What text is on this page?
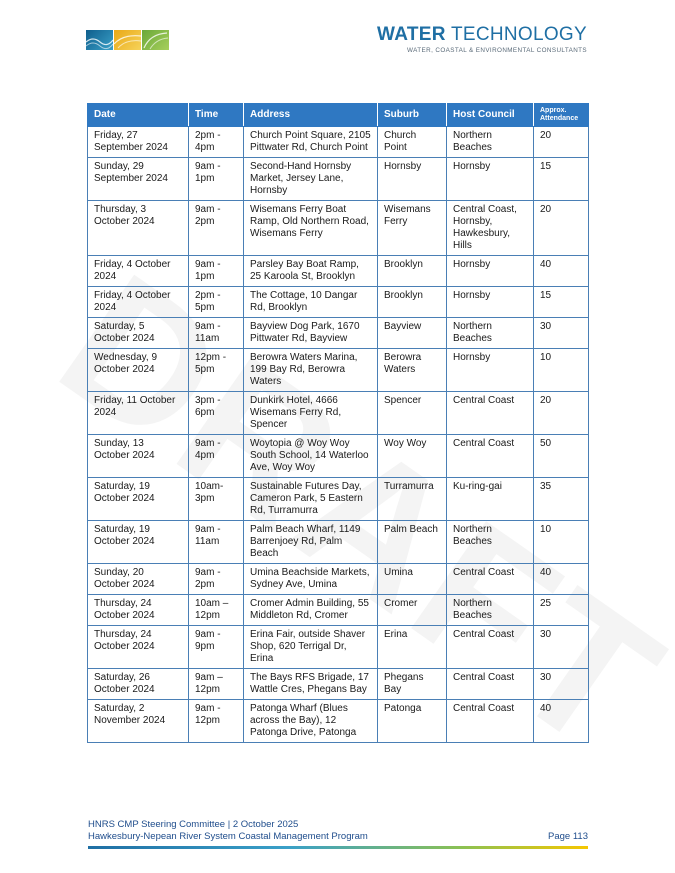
WATER TECHNOLOGY
WATER, COASTAL & ENVIRONMENTAL CONSULTANTS
Date	Time	Address	Suburb	Host Council	Approx. Attendance
Friday, 27 September 2024	2pm - 4pm	Church Point Square, 2105 Pittwater Rd, Church Point	Church Point	Northern Beaches	20
Sunday, 29 September 2024	9am - 1pm	Second-Hand Hornsby Market, Jersey Lane, Hornsby	Hornsby	Hornsby	15
Thursday, 3 October 2024	9am - 2pm	Wisemans Ferry Boat Ramp, Old Northern Road, Wisemans Ferry	Wisemans Ferry	Central Coast, Hornsby, Hawkesbury, Hills	20
Friday, 4 October 2024	9am - 1pm	Parsley Bay Boat Ramp, 25 Karoola St, Brooklyn	Brooklyn	Hornsby	40
Friday, 4 October 2024	2pm - 5pm	The Cottage, 10 Dangar Rd, Brooklyn	Brooklyn	Hornsby	15
Saturday, 5 October 2024	9am - 11am	Bayview Dog Park, 1670 Pittwater Rd, Bayview	Bayview	Northern Beaches	30
Wednesday, 9 October 2024	12pm - 5pm	Berowra Waters Marina, 199 Bay Rd, Berowra Waters	Berowra Waters	Hornsby	10
Friday, 11 October 2024	3pm - 6pm	Dunkirk Hotel, 4666 Wisemans Ferry Rd, Spencer	Spencer	Central Coast	20
Sunday, 13 October 2024	9am - 4pm	Woytopia @ Woy Woy South School, 14 Waterloo Ave, Woy Woy	Woy Woy	Central Coast	50
Saturday, 19 October 2024	10am- 3pm	Sustainable Futures Day, Cameron Park, 5 Eastern Rd, Turramurra	Turramurra	Ku-ring-gai	35
Saturday, 19 October 2024	9am - 11am	Palm Beach Wharf, 1149 Barrenjoey Rd, Palm Beach	Palm Beach	Northern Beaches	10
Sunday, 20 October 2024	9am - 2pm	Umina Beachside Markets, Sydney Ave, Umina	Umina	Central Coast	40
Thursday, 24 October 2024	10am – 12pm	Cromer Admin Building, 55 Middleton Rd, Cromer	Cromer	Northern Beaches	25
Thursday, 24 October 2024	9am - 9pm	Erina Fair, outside Shaver Shop, 620 Terrigal Dr, Erina	Erina	Central Coast	30
Saturday, 26 October 2024	9am – 12pm	The Bays RFS Brigade, 17 Wattle Cres, Phegans Bay	Phegans Bay	Central Coast	30
Saturday, 2 November 2024	9am - 12pm	Patonga Wharf (Blues across the Bay), 12 Patonga Drive, Patonga	Patonga	Central Coast	40
HNRS CMP Steering Committee | 2 October 2025
Hawkesbury-Nepean River System Coastal Management Program	Page 113
